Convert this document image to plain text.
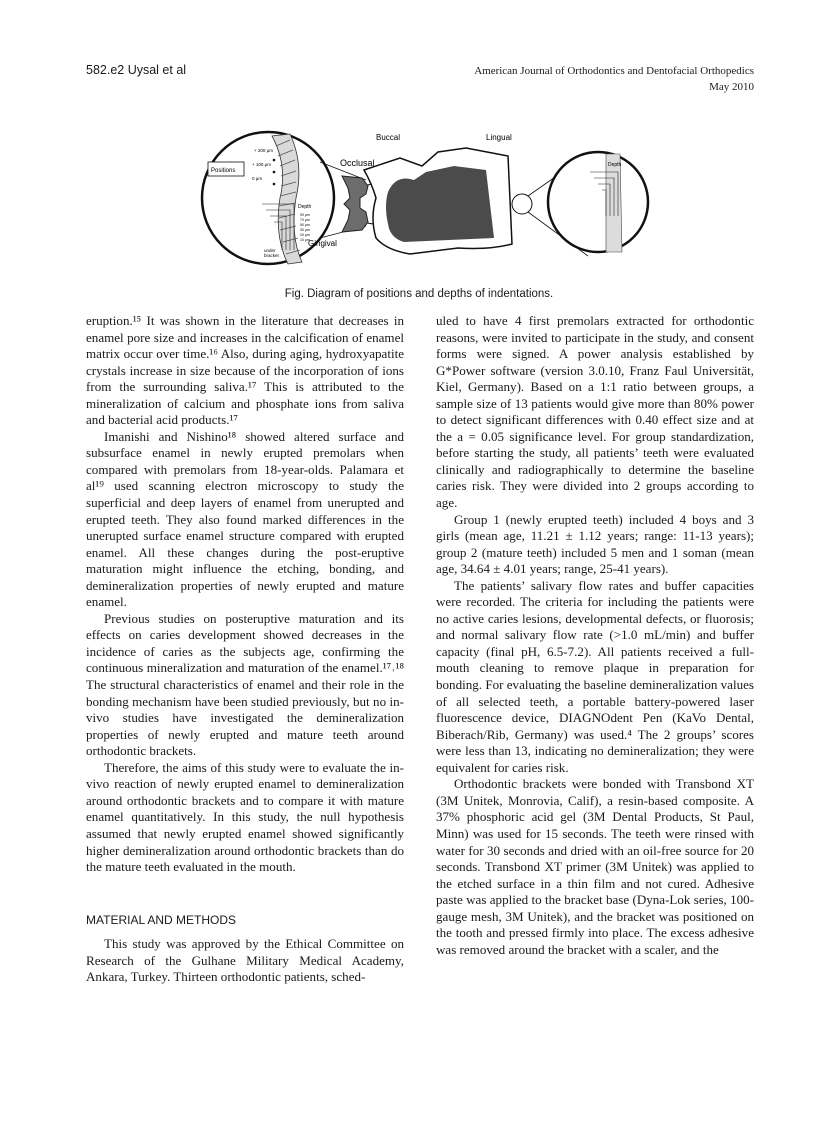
582.e2 Uysal et al	American Journal of Orthodontics and Dentofacial Orthopedics
May 2010
Positions
+ 200 μm
+ 100 μm
0 μm
Depth
90 μm
70 μm
50 μm
30 μm
20 μm
10 μm
under
bracket
Buccal	Lingual
Occlusal
Gingival
Depth
Fig. Diagram of positions and depths of indentations.

eruption.¹⁵ It was shown in the literature that decreases in enamel pore size and increases in the calcification of enamel matrix occur over time.¹⁶ Also, during aging, hydroxyapatite crystals increase in size because of the incorporation of ions from the surrounding saliva.¹⁷ This is attributed to the mineralization of calcium and phosphate ions from saliva and bacterial acid products.¹⁷

Imanishi and Nishino¹⁸ showed altered surface and subsurface enamel in newly erupted premolars when compared with premolars from 18-year-olds. Palamara et al¹⁹ used scanning electron microscopy to study the superficial and deep layers of enamel from unerupted and erupted teeth. They also found marked differences in the unerupted surface enamel structure compared with erupted enamel. All these changes during the post-eruptive maturation might influence the etching, bonding, and demineralization properties of newly erupted and mature enamel.

Previous studies on posteruptive maturation and its effects on caries development showed decreases in the incidence of caries as the subjects age, confirming the continuous mineralization and maturation of the enamel.¹⁷˒¹⁸ The structural characteristics of enamel and their role in the bonding mechanism have been studied previously, but no in-vivo studies have investigated the demineralization properties of newly erupted and mature teeth around orthodontic brackets.

Therefore, the aims of this study were to evaluate the in-vivo reaction of newly erupted enamel to demineralization around orthodontic brackets and to compare it with mature enamel quantitatively. In this study, the null hypothesis assumed that newly erupted enamel showed significantly higher demineralization around orthodontic brackets than do the mature teeth evaluated in the mouth.

MATERIAL AND METHODS

This study was approved by the Ethical Committee on Research of the Gulhane Military Medical Academy, Ankara, Turkey. Thirteen orthodontic patients, sched-

uled to have 4 first premolars extracted for orthodontic reasons, were invited to participate in the study, and consent forms were signed. A power analysis established by G*Power software (version 3.0.10, Franz Faul Universität, Kiel, Germany). Based on a 1:1 ratio between groups, a sample size of 13 patients would give more than 80% power to detect significant differences with 0.40 effect size and at the a = 0.05 significance level. For group standardization, before starting the study, all patients’ teeth were evaluated clinically and radiographically to determine the baseline caries risk. They were divided into 2 groups according to age.

Group 1 (newly erupted teeth) included 4 boys and 3 girls (mean age, 11.21 ± 1.12 years; range: 11-13 years); group 2 (mature teeth) included 5 men and 1 soman (mean age, 34.64 ± 4.01 years; range, 25-41 years).

The patients’ salivary flow rates and buffer capacities were recorded. The criteria for including the patients were no active caries lesions, developmental defects, or fluorosis; and normal salivary flow rate (>1.0 mL/min) and buffer capacity (final pH, 6.5-7.2). All patients received a full-mouth cleaning to remove plaque in preparation for bonding. For evaluating the baseline demineralization values of all selected teeth, a portable battery-powered laser fluorescence device, DIAGNOdent Pen (KaVo Dental, Biberach/Rib, Germany) was used.⁴ The 2 groups’ scores were less than 13, indicating no demineralization; they were equivalent for caries risk.

Orthodontic brackets were bonded with Transbond XT (3M Unitek, Monrovia, Calif), a resin-based composite. A 37% phosphoric acid gel (3M Dental Products, St Paul, Minn) was used for 15 seconds. The teeth were rinsed with water for 30 seconds and dried with an oil-free source for 20 seconds. Transbond XT primer (3M Unitek) was applied to the etched surface in a thin film and not cured. Adhesive paste was applied to the bracket base (Dyna-Lok series, 100-gauge mesh, 3M Unitek), and the bracket was positioned on the tooth and pressed firmly into place. The excess adhesive was removed around the bracket with a scaler, and the
